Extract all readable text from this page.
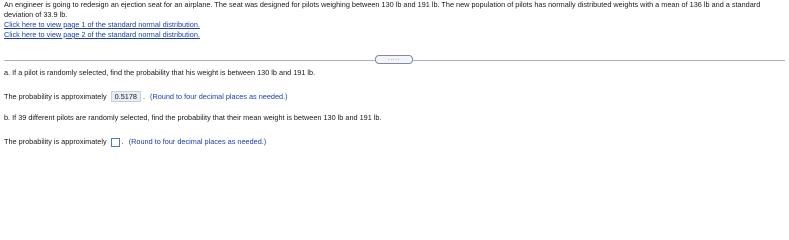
An engineer is going to redesign an ejection seat for an airplane. The seat was designed for pilots weighing between 130 lb and 191 lb. The new population of pilots has normally distributed weights with a mean of 136 lb and a standard deviation of 33.9 lb.
Click here to view page 1 of the standard normal distribution.
Click here to view page 2 of the standard normal distribution.
·····
a. If a pilot is randomly selected, find the probability that his weight is between 130 lb and 191 lb.
The probability is approximately 0.5178 . (Round to four decimal places as needed.)
b. If 39 different pilots are randomly selected, find the probability that their mean weight is between 130 lb and 191 lb.
The probability is approximately . (Round to four decimal places as needed.)
